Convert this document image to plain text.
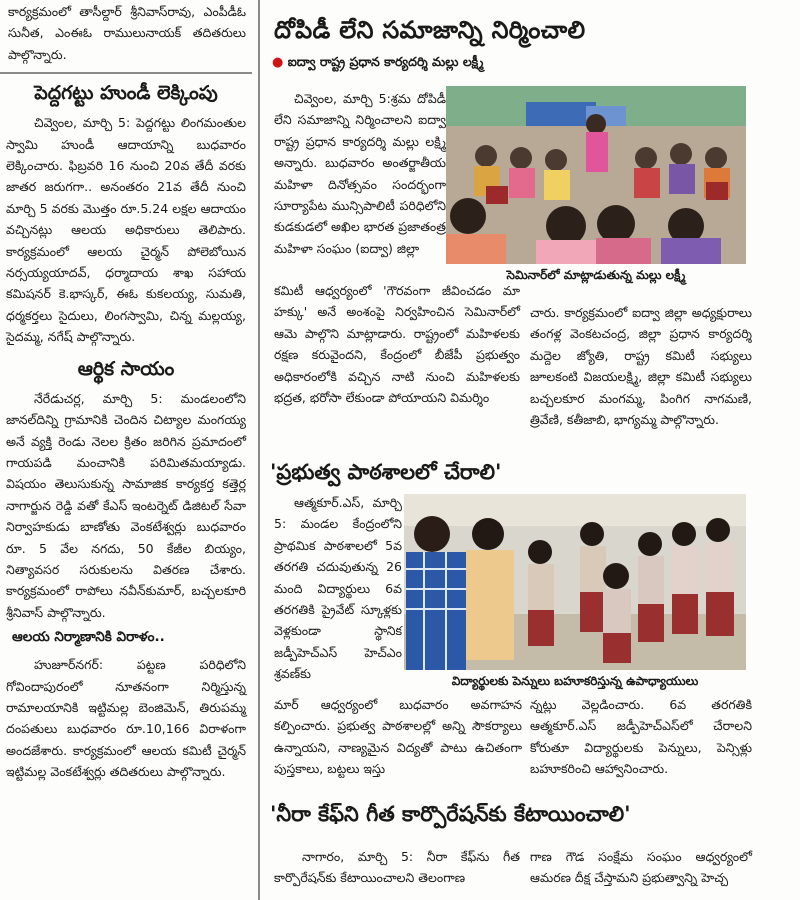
కార్యక్రమంలో తాసీల్దార్ శ్రీనివాస్‌రావు, ఎంపీడీఓ సునీత, ఎంఈఓ రాములునాయక్ తదితరులు పాల్గొన్నారు.

పెద్దగట్టు హుండీ లెక్కింపు

చివ్వెంల, మార్చి 5: పెద్దగట్టు లింగమంతుల స్వామి హుండీ ఆదాయాన్ని బుధవారం లెక్కించారు. ఫిబ్రవరి 16 నుంచి 20వ తేదీ వరకు జాతర జరుగగా.. అనంతరం 21వ తేదీ నుంచి మార్చి 5 వరకు మొత్తం రూ.5.24 లక్షల ఆదాయం వచ్చినట్లు ఆలయ అధికారులు తెలిపారు. కార్యక్రమంలో ఆలయ చైర్మన్ పోలెబోయిన నర్సయ్యయాదవ్, ధర్మాదాయ శాఖ సహాయ కమిషనర్ కె.భాస్కర్, ఈఓ కుకలయ్య, సుమతి, ధర్మకర్తలు సైదులు, లింగస్వామి, చిన్న మల్లయ్య, సైదమ్మ, నగేష్ పాల్గొన్నారు.

ఆర్థిక సాయం

నేరేడుచర్ల, మార్చి 5: మండలంలోని జానల్‌దిన్ని గ్రామానికి చెందిన చిట్యాల మంగయ్య అనే వ్యక్తి రెండు నెలల క్రితం జరిగిన ప్రమాదంలో గాయపడి మంచానికి పరిమితమయ్యాడు. విషయం తెలుసుకున్న సామాజిక కార్యకర్త కత్తెర్ల నాగార్జున రెడ్డి వతో కేఎస్ ఇంటర్నెట్ డిజిటల్ సేవా నిర్వాహకుడు బాణోతు వెంకటేశ్వర్లు బుధవారం రూ. 5 వేల నగదు, 50 కేజీల బియ్యం, నిత్యావసర సరుకులను వితరణ చేశారు. కార్యక్రమంలో రాపోలు నవీన్‌కుమార్, బచ్చలకూరి శ్రీనివాస్ పాల్గొన్నారు.

ఆలయ నిర్మాణానికి విరాళం..

హుజూర్‌నగర్: పట్టణ పరిధిలోని గోవిందాపురంలో నూతనంగా నిర్మిస్తున్న రామాలయానికి ఇట్టిమల్ల బెంజిమెన్, తిరుపమ్మ దంపతులు బుధవారం రూ.10,166 విరాళంగా అందజేశారు. కార్యక్రమంలో ఆలయ కమిటీ చైర్మన్ ఇట్టిమల్ల వెంకటేశ్వర్లు తదితరులు పాల్గొన్నారు.

దోపిడీ లేని సమాజాన్ని నిర్మించాలి
● ఐద్వా రాష్ట్ర ప్రధాన కార్యదర్శి మల్లు లక్ష్మీ

చివ్వెంల, మార్చి 5:శ్రమ దోపిడీ లేని సమాజాన్ని నిర్మించాలని ఐద్వా రాష్ట్ర ప్రధాన కార్యదర్శి మల్లు లక్ష్మి అన్నారు. బుధవారం అంతర్జాతీయ మహిళా దినోత్సవం సందర్భంగా సూర్యాపేట మున్సిపాలిటీ పరిధిలోని కుడకుడలో అఖిల భారత ప్రజాతంత్ర మహిళా సంఘం (ఐద్వా) జిల్లా

సెమినార్‌లో మాట్లాడుతున్న మల్లు లక్ష్మీ

కమిటీ ఆధ్వర్యంలో 'గౌరవంగా జీవించడం మా హక్కు' అనే అంశంపై నిర్వహించిన సెమినార్‌లో ఆమె పాల్గొని మాట్లాడారు. రాష్ట్రంలో మహిళలకు రక్షణ కరువైందని, కేంద్రంలో బీజేపీ ప్రభుత్వం అధికారంలోకి వచ్చిన నాటి నుంచి మహిళలకు భద్రత, భరోసా లేకుండా పోయాయని విమర్శిం

చారు. కార్యక్రమంలో ఐద్వా జిల్లా అధ్యక్షురాలు తంగళ్ల వెంకటచంద్ర, జిల్లా ప్రధాన కార్యదర్శి మద్దెల జ్యోతి, రాష్ట్ర కమిటీ సభ్యులు జూలకంటి విజయలక్ష్మి, జిల్లా కమిటీ సభ్యులు బచ్చలకూర మంగమ్మ, పింగిగ నాగమణి, త్రివేణి, కతీజాబి, భాగ్యమ్మ పాల్గొన్నారు.

'ప్రభుత్వ పాఠశాలలో చేరాలి'

ఆత్మకూర్.ఎస్, మార్చి 5: మండల కేంద్రంలోని ప్రాథమిక పాఠశాలలో 5వ తరగతి చదువుతున్న 26 మంది విద్యార్థులు 6వ తరగతికి ప్రైవేట్ స్కూళ్లకు వెళ్లకుండా స్థానిక జడ్పీహెచ్ఎస్ హెచ్‌ఎం శ్రవణ్‌కు	విద్యార్థులకు పెన్నులు బహూకరిస్తున్న ఉపాధ్యాయులు

మార్ ఆధ్వర్యంలో బుధవారం అవగాహన కల్పించారు. ప్రభుత్వ పాఠశాలల్లో అన్ని సౌకర్యాలు ఉన్నాయని, నాణ్యమైన విద్యతో పాటు ఉచితంగా పుస్తకాలు, బట్టలు ఇస్తు

న్నట్లు వెల్లడించారు. 6వ తరగతికి ఆత్మకూర్.ఎస్ జడ్పీహెచ్ఎస్‌లో చేరాలని కోరుతూ విద్యార్థులకు పెన్నులు, పెన్సిళ్లు బహూకరించి ఆహ్వానించారు.

'నీరా కేఫ్‌ని గీత కార్పొరేషన్‌కు కేటాయించాలి'

నాగారం, మార్చి 5: నీరా కేఫ్‌ను గీత కార్పొరేషన్‌కు కేటాయించాలని తెలంగాణ

గాణ గౌడ సంక్షేమ సంఘం ఆధ్వర్యంలో ఆమరణ దీక్ష చేస్తామని ప్రభుత్వాన్ని హెచ్చ
